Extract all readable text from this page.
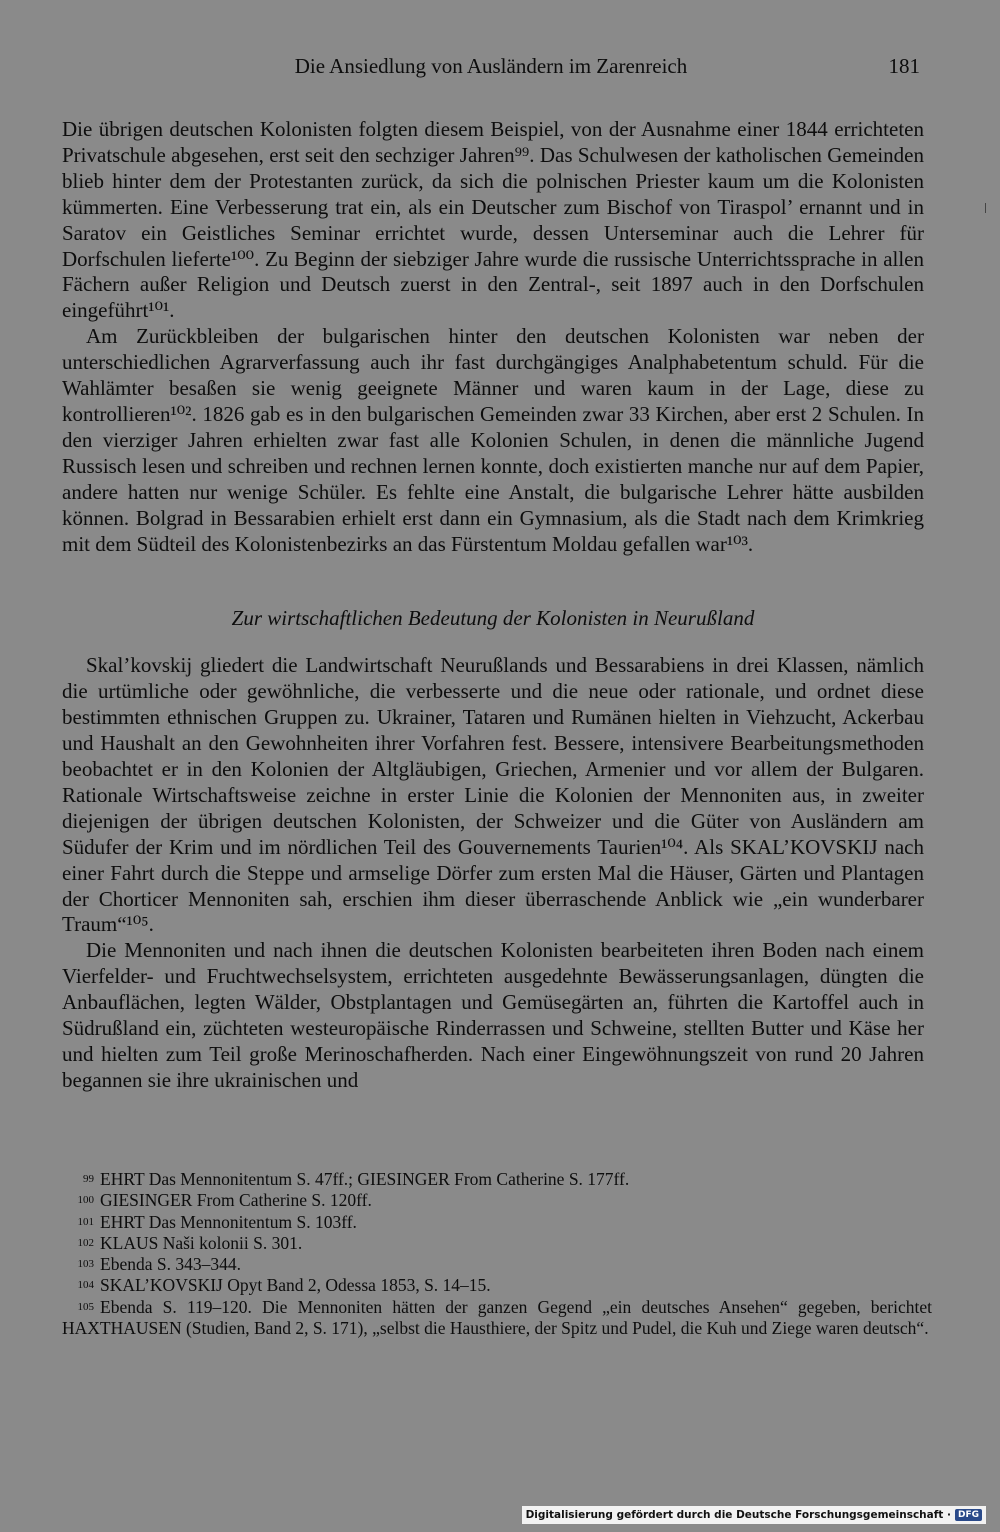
Die Ansiedlung von Ausländern im Zarenreich	181

Die übrigen deutschen Kolonisten folgten diesem Beispiel, von der Ausnahme einer 1844 errichteten Privatschule abgesehen, erst seit den sechziger Jahren⁹⁹. Das Schulwesen der katholischen Gemeinden blieb hinter dem der Protestanten zurück, da sich die polnischen Priester kaum um die Kolonisten kümmerten. Eine Verbesserung trat ein, als ein Deutscher zum Bischof von Tiraspol’ ernannt und in Saratov ein Geistliches Seminar errichtet wurde, dessen Unterseminar auch die Lehrer für Dorfschulen lieferte¹⁰⁰. Zu Beginn der siebziger Jahre wurde die russische Unterrichtssprache in allen Fächern außer Religion und Deutsch zuerst in den Zentral-, seit 1897 auch in den Dorfschulen eingeführt¹⁰¹.

Am Zurückbleiben der bulgarischen hinter den deutschen Kolonisten war neben der unterschiedlichen Agrarverfassung auch ihr fast durchgängiges Analphabetentum schuld. Für die Wahlämter besaßen sie wenig geeignete Männer und waren kaum in der Lage, diese zu kontrollieren¹⁰². 1826 gab es in den bulgarischen Gemeinden zwar 33 Kirchen, aber erst 2 Schulen. In den vierziger Jahren erhielten zwar fast alle Kolonien Schulen, in denen die männliche Jugend Russisch lesen und schreiben und rechnen lernen konnte, doch existierten manche nur auf dem Papier, andere hatten nur wenige Schüler. Es fehlte eine Anstalt, die bulgarische Lehrer hätte ausbilden können. Bolgrad in Bessarabien erhielt erst dann ein Gymnasium, als die Stadt nach dem Krimkrieg mit dem Südteil des Kolonistenbezirks an das Fürstentum Moldau gefallen war¹⁰³.

Zur wirtschaftlichen Bedeutung der Kolonisten in Neurußland

Skal’kovskij gliedert die Landwirtschaft Neurußlands und Bessarabiens in drei Klassen, nämlich die urtümliche oder gewöhnliche, die verbesserte und die neue oder rationale, und ordnet diese bestimmten ethnischen Gruppen zu. Ukrainer, Tataren und Rumänen hielten in Viehzucht, Ackerbau und Haushalt an den Gewohnheiten ihrer Vorfahren fest. Bessere, intensivere Bearbeitungsmethoden beobachtet er in den Kolonien der Altgläubigen, Griechen, Armenier und vor allem der Bulgaren. Rationale Wirtschaftsweise zeichne in erster Linie die Kolonien der Mennoniten aus, in zweiter diejenigen der übrigen deutschen Kolonisten, der Schweizer und die Güter von Ausländern am Südufer der Krim und im nördlichen Teil des Gouvernements Taurien¹⁰⁴. Als SKAL’KOVSKIJ nach einer Fahrt durch die Steppe und armselige Dörfer zum ersten Mal die Häuser, Gärten und Plantagen der Chorticer Mennoniten sah, erschien ihm dieser überraschende Anblick wie „ein wunderbarer Traum“¹⁰⁵.

Die Mennoniten und nach ihnen die deutschen Kolonisten bearbeiteten ihren Boden nach einem Vierfelder- und Fruchtwechselsystem, errichteten ausgedehnte Bewässerungsanlagen, düngten die Anbauflächen, legten Wälder, Obstplantagen und Gemüsegärten an, führten die Kartoffel auch in Südrußland ein, züchteten westeuropäische Rinderrassen und Schweine, stellten Butter und Käse her und hielten zum Teil große Merinoschafherden. Nach einer Eingewöhnungszeit von rund 20 Jahren begannen sie ihre ukrainischen und

99 EHRT Das Mennonitentum S. 47ff.; GIESINGER From Catherine S. 177ff.

100 GIESINGER From Catherine S. 120ff.

101 EHRT Das Mennonitentum S. 103ff.

102 KLAUS Naši kolonii S. 301.

103 Ebenda S. 343–344.

104 SKAL’KOVSKIJ Opyt Band 2, Odessa 1853, S. 14–15.

105 Ebenda S. 119–120. Die Mennoniten hätten der ganzen Gegend „ein deutsches Ansehen“ gegeben, berichtet HAXTHAUSEN (Studien, Band 2, S. 171), „selbst die Hausthiere, der Spitz und Pudel, die Kuh und Ziege waren deutsch“.

Digitalisierung gefördert durch die Deutsche Forschungsgemeinschaft · DFG
